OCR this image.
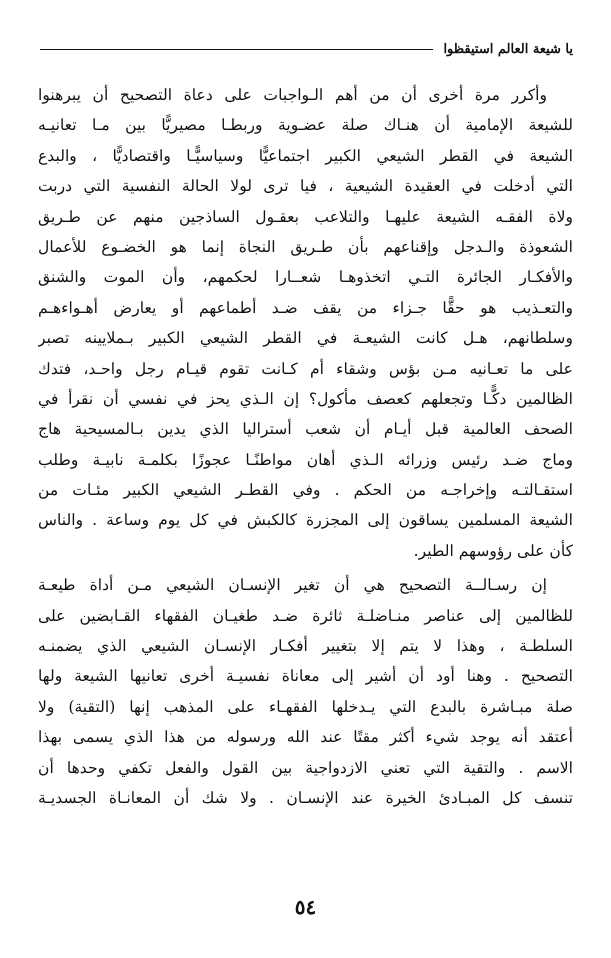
يا شيعة العالم استيقظوا
وأكرر مرة أخرى أن من أهم الـواجبات على دعاة التصحيح أن يبرهنوا
للشيعة الإمامية أن هنـاك صلة عضـوية وربطـا مصيريًّا بين مـا تعانيـه
الشيعة في القطر الشيعي الكبير اجتماعيًّا وسياسيًّـا واقتصاديًّا ، والبدع
التي أدخلت في العقيدة الشيعية ، فيا ترى لولا الحالة النفسية التي دربت
ولاة الفقـه الشيعة عليهـا والتلاعب بعقـول الساذجين منهم عن طـريق
الشعوذة والـدجل وإقناعهم بأن طـريق النجاة إنما هو الخضـوع للأعمال
والأفكـار الجائرة التـي اتخذوهـا شعــارا لحكمهم، وأن الموت والشنق
والتعـذيب هو حقًّا جـزاء من يقف ضـد أطماعهم أو يعارض أهـواءهـم
وسلطانهم، هـل كانت الشيعـة في القطر الشيعي الكبير بـملايينه تصبر
على ما تعـانيه مـن بؤس وشقاء أم كـانت تقوم قيـام رجل واحـد، فتدك
الظالمين دكًّـا وتجعلهم كعصف مأكول؟ إن الـذي يحز في نفسي أن نقرأ في
الصحف العالمية قبل أيـام أن شعب أستراليا الذي يدين بـالمسيحية هاج
وماج ضـد رئيس وزرائه الـذي أهان مواطنًـا عجوزًا بكلمـة نابيـة وطلب
استقـالتـه وإخراجـه من الحكم . وفي القطـر الشيعي الكبير مئـات من
الشيعة المسلمين يساقون إلى المجزرة كالكبش في كل يوم وساعة . والناس
كأن على رؤوسهم الطير.
إن رسـالــة التصحيح هي أن تغير الإنسـان الشيعي مـن أداة طيعـة
للظالمين إلى عناصر منـاضلـة ثائرة ضـد طغيـان الفقهاء القـابضين على
السلطـة ، وهذا لا يتم إلا بتغيير أفكـار الإنسـان الشيعي الذي يضمنـه
التصحيح . وهنا أود أن أشير إلى معاناة نفسيـة أخرى تعانيها الشيعة ولها
صلة مبـاشرة بالبدع التي يـدخلها الفقهـاء على المذهب إنها (التقية) ولا
أعتقد أنه يوجد شيء أكثر مقتًا عند الله ورسوله من هذا الذي يسمى بهذا
الاسم . والتقية التي تعني الازدواجية بين القول والفعل تكفي وحدها أن
تنسف كل المبـادئ الخيرة عند الإنسـان . ولا شك أن المعانـاة الجسديـة
٥٤
